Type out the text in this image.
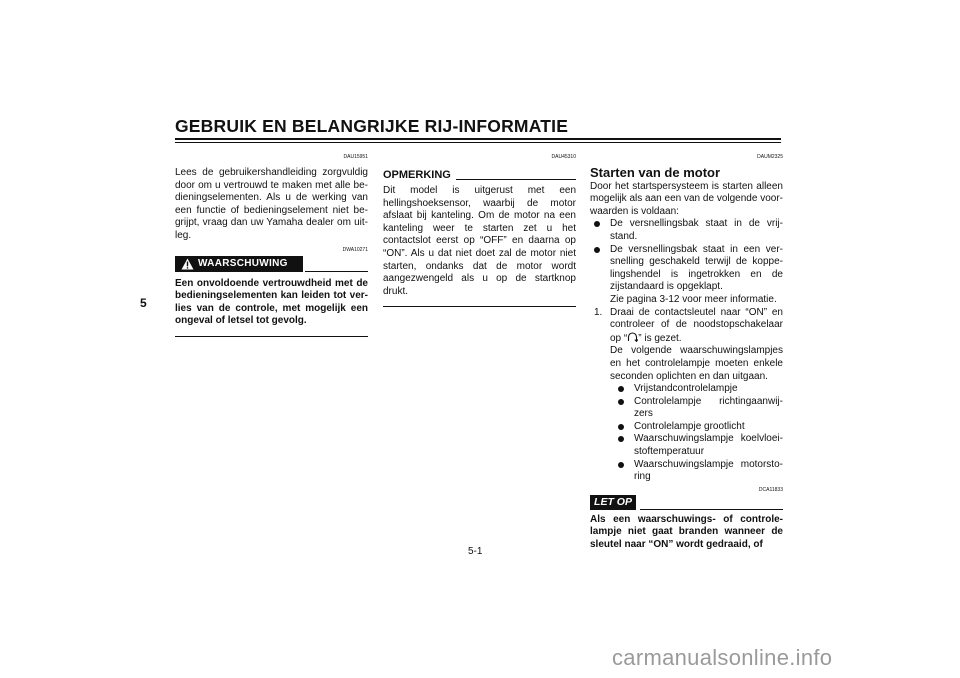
GEBRUIK EN BELANGRIJKE RIJ-INFORMATIE
5
DAU15951

Lees de gebruikershandleiding zorgvuldig door om u vertrouwd te maken met alle bedieningselementen. Als u de werking van een functie of bedieningselement niet begrijpt, vraag dan uw Yamaha dealer om uitleg.

DWA10271
WAARSCHUWING

Een onvoldoende vertrouwdheid met de bedieningselementen kan leiden tot verlies van de controle, met mogelijk een ongeval of letsel tot gevolg.

DAU45310
OPMERKING

Dit model is uitgerust met een hellingshoeksensor, waarbij de motor afslaat bij kanteling. Om de motor na een kanteling weer te starten zet u het contactslot eerst op “OFF” en daarna op “ON”. Als u dat niet doet zal de motor niet starten, ondanks dat de motor wordt aangezwengeld als u op de startknop drukt.

DAUM2325
Starten van de motor

Door het startspersysteem is starten alleen mogelijk als aan een van de volgende voorwaarden is voldaan:

De versnellingsbak staat in de vrijstand.
De versnellingsbak staat in een versnelling geschakeld terwijl de koppelingshendel is ingetrokken en de zijstandaard is opgeklapt.
Zie pagina 3-12 voor meer informatie.
1. Draai de contactsleutel naar “ON” en controleer of de noodstopschakelaar op “ ” is gezet.
De volgende waarschuwingslampjes en het controlelampje moeten enkele seconden oplichten en dan uitgaan.
Vrijstandcontrolelampje
Controlelampje richtingaanwijzers
Controlelampje grootlicht
Waarschuwingslampje koelvloeistoftemperatuur
Waarschuwingslampje motorstoring
DCA11833
LET OP

Als een waarschuwings- of controlelampje niet gaat branden wanneer de sleutel naar “ON” wordt gedraaid, of

5-1
carmanualsonline.info
